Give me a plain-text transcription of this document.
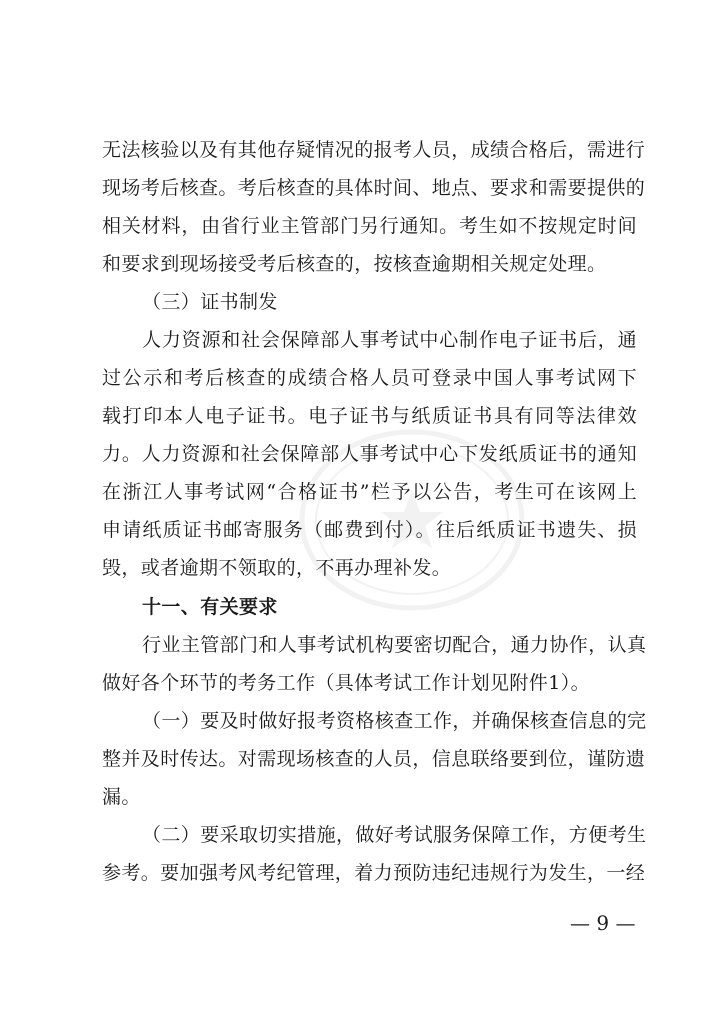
无法核验以及有其他存疑情况的报考人员，成绩合格后，需进行
现场考后核查。考后核查的具体时间、地点、要求和需要提供的
相关材料，由省行业主管部门另行通知。考生如不按规定时间
和要求到现场接受考后核查的，按核查逾期相关规定处理。
（三）证书制发
人力资源和社会保障部人事考试中心制作电子证书后，通
过公示和考后核查的成绩合格人员可登录中国人事考试网下
载打印本人电子证书。电子证书与纸质证书具有同等法律效
力。人力资源和社会保障部人事考试中心下发纸质证书的通知
在浙江人事考试网“合格证书”栏予以公告，考生可在该网上
申请纸质证书邮寄服务（邮费到付）。往后纸质证书遗失、损
毁，或者逾期不领取的，不再办理补发。
十一、有关要求
行业主管部门和人事考试机构要密切配合，通力协作，认真
做好各个环节的考务工作（具体考试工作计划见附件1）。
（一）要及时做好报考资格核查工作，并确保核查信息的完
整并及时传达。对需现场核查的人员，信息联络要到位，谨防遗
漏。
（二）要采取切实措施，做好考试服务保障工作，方便考生
参考。要加强考风考纪管理，着力预防违纪违规行为发生，一经
— 9 —
